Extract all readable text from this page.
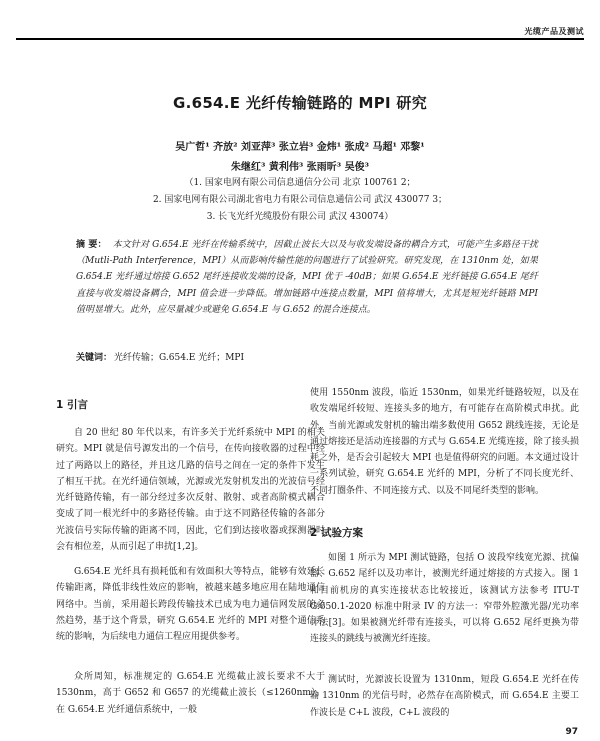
光缆产品及测试
G.654.E 光纤传输链路的 MPI 研究
吴广哲¹ 齐放² 刘亚萍³ 张立岩³ 金炜¹ 张成² 马超¹ 邓黎¹
朱继红³ 黄利伟³ 张雨昕³ 吴俊³
（1. 国家电网有限公司信息通信分公司 北京 100761 2；
2. 国家电网有限公司湖北省电力有限公司信息通信公司 武汉 430077 3；
3. 长飞光纤光缆股份有限公司 武汉 430074）
摘 要： 本文针对 G.654.E 光纤在传输系统中，因截止波长大以及与收发端设备的耦合方式，可能产生多路径干扰（Mutli-Path Interference，MPI）从而影响传输性能的问题进行了试验研究。研究发现，在 1310nm 处，如果 G.654.E 光纤通过熔接 G.652 尾纤连接收发端的设备，MPI 优于 -40dB；如果 G.654.E 光纤链接 G.654.E 尾纤直接与收发端设备耦合，MPI 值会进一步降低。增加链路中连接点数量，MPI 值将增大，尤其是短光纤链路 MPI 值明显增大。此外，应尽量减少或避免 G.654.E 与 G.652 的混合连接点。
关键词： 光纤传输；G.654.E 光纤；MPI
1 引言

自 20 世纪 80 年代以来，有许多关于光纤系统中 MPI 的相关研究。MPI 就是信号源发出的一个信号，在传向接收器的过程中经过了两路以上的路径，并且这几路的信号之间在一定的条件下发生了相互干扰。在光纤通信领域，光源或光发射机发出的光波信号经光纤链路传输，有一部分经过多次反射、散射、或者高阶模式耦合变成了同一根光纤中的多路径传输。由于这不同路径传输的各部分光波信号实际传输的距离不同，因此，它们到达接收器或探测器时会有相位差，从而引起了串扰[1,2]。

G.654.E 光纤具有损耗低和有效面积大等特点，能够有效延长传输距离，降低非线性效应的影响，被越来越多地应用在陆地通信网络中。当前，采用超长跨段传输技术已成为电力通信网发展的必然趋势，基于这个背景，研究 G.654.E 光纤的 MPI 对整个通信系统的影响，为后续电力通信工程应用提供参考。

众所周知，标准规定的 G.654.E 光缆截止波长要求不大于 1530nm，高于 G652 和 G657 的光缆截止波长（≤1260nm）。在 G.654.E 光纤通信系统中，一般

使用 1550nm 波段，临近 1530nm，如果光纤链路较短，以及在收发端尾纤较短、连接头多的地方，有可能存在高阶模式串扰。此外，当前光源或发射机的输出端多数使用 G652 跳线连接，无论是通过熔接还是活动连接器的方式与 G.654.E 光缆连接，除了接头损耗之外，是否会引起较大 MPI 也是值得研究的问题。本文通过设计一系列试验，研究 G.654.E 光纤的 MPI，分析了不同长度光纤、不同打圈条件、不同连接方式、以及不同尾纤类型的影响。

2 试验方案

如图 1 所示为 MPI 测试链路，包括 O 波段窄线宽光源、扰偏器、G.652 尾纤以及功率计，被测光纤通过熔接的方式接入。图 1 和目前机房的真实连接状态比较接近，该测试方法参考 ITU-T G.650.1-2020 标准中附录 IV 的方法一：窄带外腔激光器/光功率计法[3]。如果被测光纤带有连接头，可以将 G.652 尾纤更换为带连接头的跳线与被测光纤连接。

测试时，光源波长设置为 1310nm，短段 G.654.E 光纤在传输 1310nm 的光信号时，必然存在高阶模式，而 G.654.E 主要工作波长是 C+L 波段，C+L 波段的

97
